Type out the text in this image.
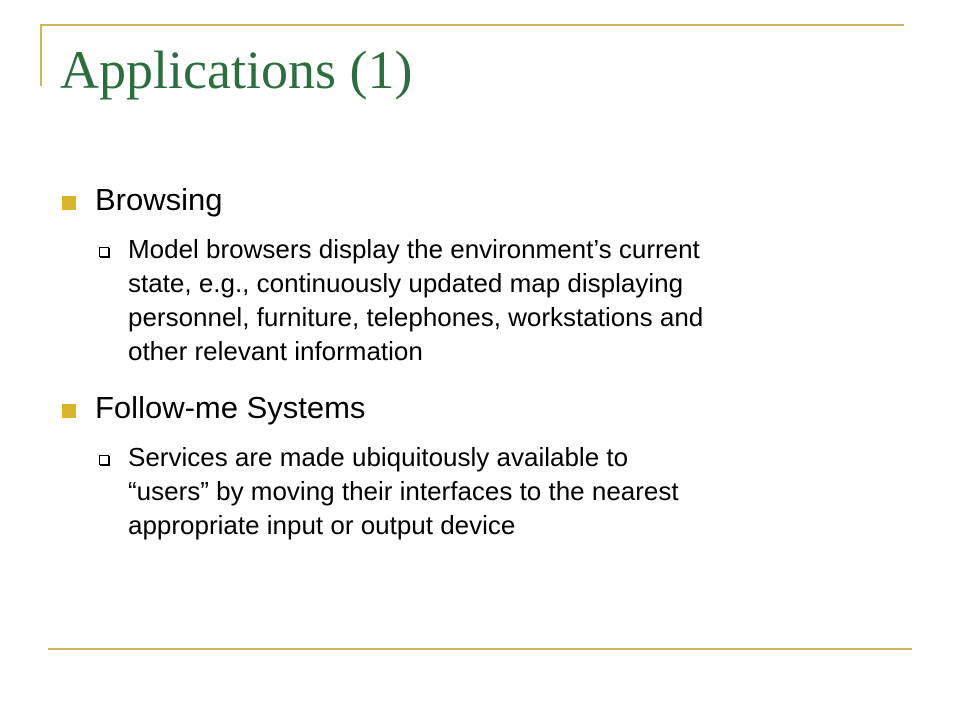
Applications (1)
Browsing
Model browsers display the environment’s current
state, e.g., continuously updated map displaying
personnel, furniture, telephones, workstations and
other relevant information
Follow-me Systems
Services are made ubiquitously available to
“users” by moving their interfaces to the nearest
appropriate input or output device
